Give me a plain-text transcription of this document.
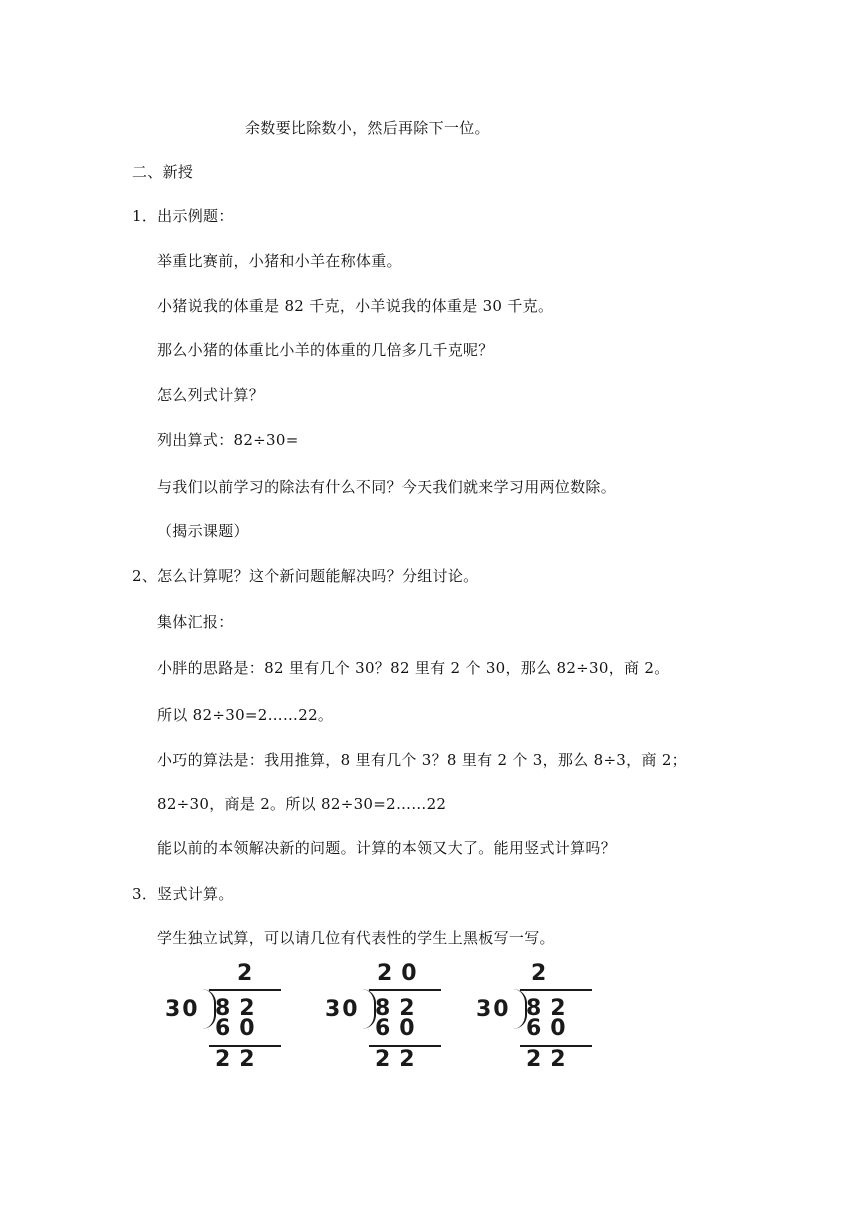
余数要比除数小，然后再除下一位。
二、新授
1．出示例题：
举重比赛前，小猪和小羊在称体重。
小猪说我的体重是 82 千克，小羊说我的体重是 30 千克。
那么小猪的体重比小羊的体重的几倍多几千克呢？
怎么列式计算？
列出算式：82÷30=
与我们以前学习的除法有什么不同？今天我们就来学习用两位数除。
（揭示课题）
2、怎么计算呢？这个新问题能解决吗？分组讨论。
集体汇报：
小胖的思路是：82 里有几个 30？82 里有 2 个 30，那么 82÷30，商 2。
所以 82÷30=2……22。
小巧的算法是：我用推算，8 里有几个 3？8 里有 2 个 3，那么 8÷3，商 2；
82÷30，商是 2。所以 82÷30=2……22
能以前的本领解决新的问题。计算的本领又大了。能用竖式计算吗？
3．竖式计算。
学生独立试算，可以请几位有代表性的学生上黑板写一写。
2
30 82
60
22
20
30 82
60
22
2
30 82
60
22
